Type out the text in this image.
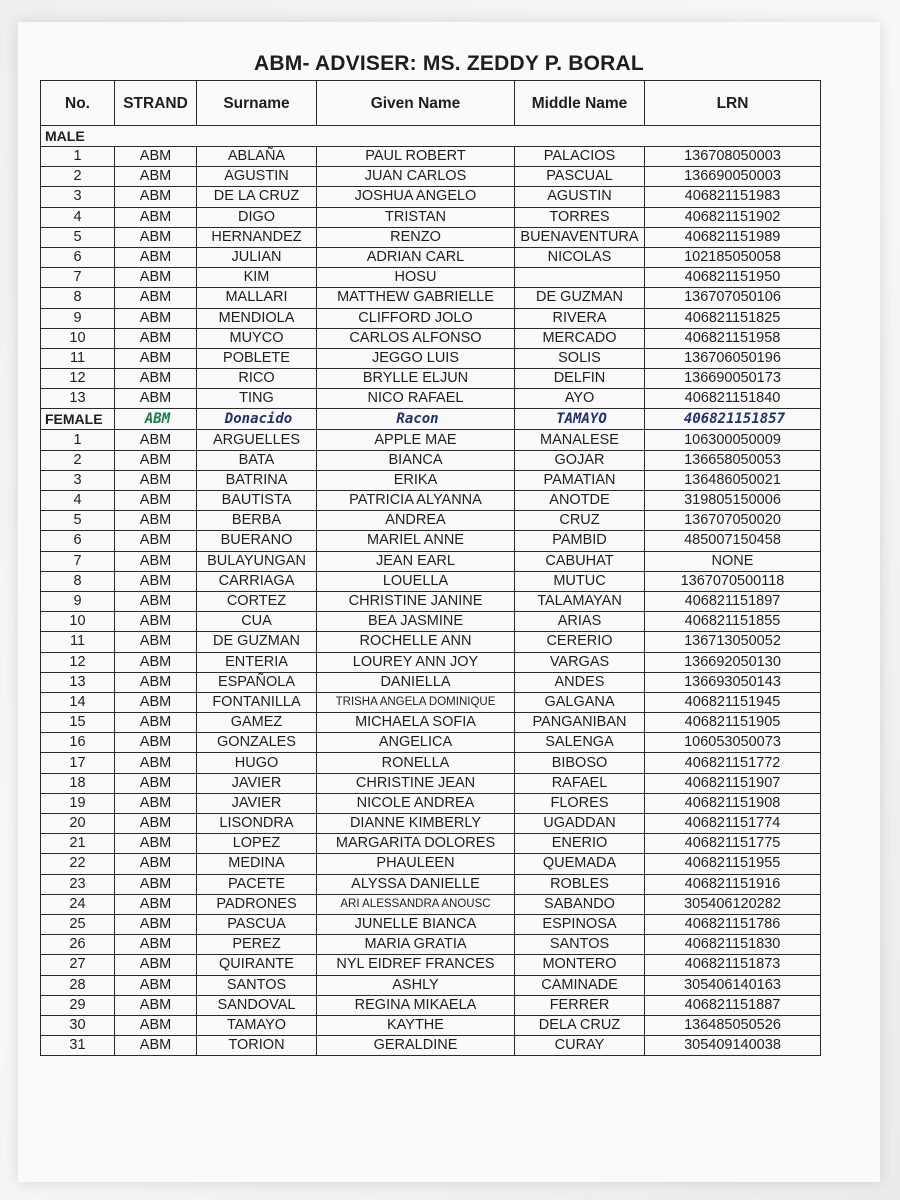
ABM- ADVISER: MS. ZEDDY P. BORAL
No.	STRAND	Surname	Given Name	Middle Name	LRN
MALE					
1	ABM	ABLAÑA	PAUL ROBERT	PALACIOS	136708050003
2	ABM	AGUSTIN	JUAN CARLOS	PASCUAL	136690050003
3	ABM	DE LA CRUZ	JOSHUA ANGELO	AGUSTIN	406821151983
4	ABM	DIGO	TRISTAN	TORRES	406821151902
5	ABM	HERNANDEZ	RENZO	BUENAVENTURA	406821151989
6	ABM	JULIAN	ADRIAN CARL	NICOLAS	102185050058
7	ABM	KIM	HOSU		406821151950
8	ABM	MALLARI	MATTHEW GABRIELLE	DE GUZMAN	136707050106
9	ABM	MENDIOLA	CLIFFORD JOLO	RIVERA	406821151825
10	ABM	MUYCO	CARLOS ALFONSO	MERCADO	406821151958
11	ABM	POBLETE	JEGGO LUIS	SOLIS	136706050196
12	ABM	RICO	BRYLLE ELJUN	DELFIN	136690050173
13	ABM	TING	NICO RAFAEL	AYO	406821151840
FEMALE	ABM	Donacido	Racon	TAMAYO	406821151857
1	ABM	ARGUELLES	APPLE MAE	MANALESE	106300050009
2	ABM	BATA	BIANCA	GOJAR	136658050053
3	ABM	BATRINA	ERIKA	PAMATIAN	136486050021
4	ABM	BAUTISTA	PATRICIA ALYANNA	ANOTDE	319805150006
5	ABM	BERBA	ANDREA	CRUZ	136707050020
6	ABM	BUERANO	MARIEL ANNE	PAMBID	485007150458
7	ABM	BULAYUNGAN	JEAN EARL	CABUHAT	NONE
8	ABM	CARRIAGA	LOUELLA	MUTUC	1367070500118
9	ABM	CORTEZ	CHRISTINE JANINE	TALAMAYAN	406821151897
10	ABM	CUA	BEA JASMINE	ARIAS	406821151855
11	ABM	DE GUZMAN	ROCHELLE ANN	CERERIO	136713050052
12	ABM	ENTERIA	LOUREY ANN JOY	VARGAS	136692050130
13	ABM	ESPAÑOLA	DANIELLA	ANDES	136693050143
14	ABM	FONTANILLA	TRISHA ANGELA DOMINIQUE	GALGANA	406821151945
15	ABM	GAMEZ	MICHAELA SOFIA	PANGANIBAN	406821151905
16	ABM	GONZALES	ANGELICA	SALENGA	106053050073
17	ABM	HUGO	RONELLA	BIBOSO	406821151772
18	ABM	JAVIER	CHRISTINE JEAN	RAFAEL	406821151907
19	ABM	JAVIER	NICOLE ANDREA	FLORES	406821151908
20	ABM	LISONDRA	DIANNE KIMBERLY	UGADDAN	406821151774
21	ABM	LOPEZ	MARGARITA DOLORES	ENERIO	406821151775
22	ABM	MEDINA	PHAULEEN	QUEMADA	406821151955
23	ABM	PACETE	ALYSSA DANIELLE	ROBLES	406821151916
24	ABM	PADRONES	ARI ALESSANDRA ANOUSC	SABANDO	305406120282
25	ABM	PASCUA	JUNELLE BIANCA	ESPINOSA	406821151786
26	ABM	PEREZ	MARIA GRATIA	SANTOS	406821151830
27	ABM	QUIRANTE	NYL EIDREF FRANCES	MONTERO	406821151873
28	ABM	SANTOS	ASHLY	CAMINADE	305406140163
29	ABM	SANDOVAL	REGINA MIKAELA	FERRER	406821151887
30	ABM	TAMAYO	KAYTHE	DELA CRUZ	136485050526
31	ABM	TORION	GERALDINE	CURAY	305409140038
